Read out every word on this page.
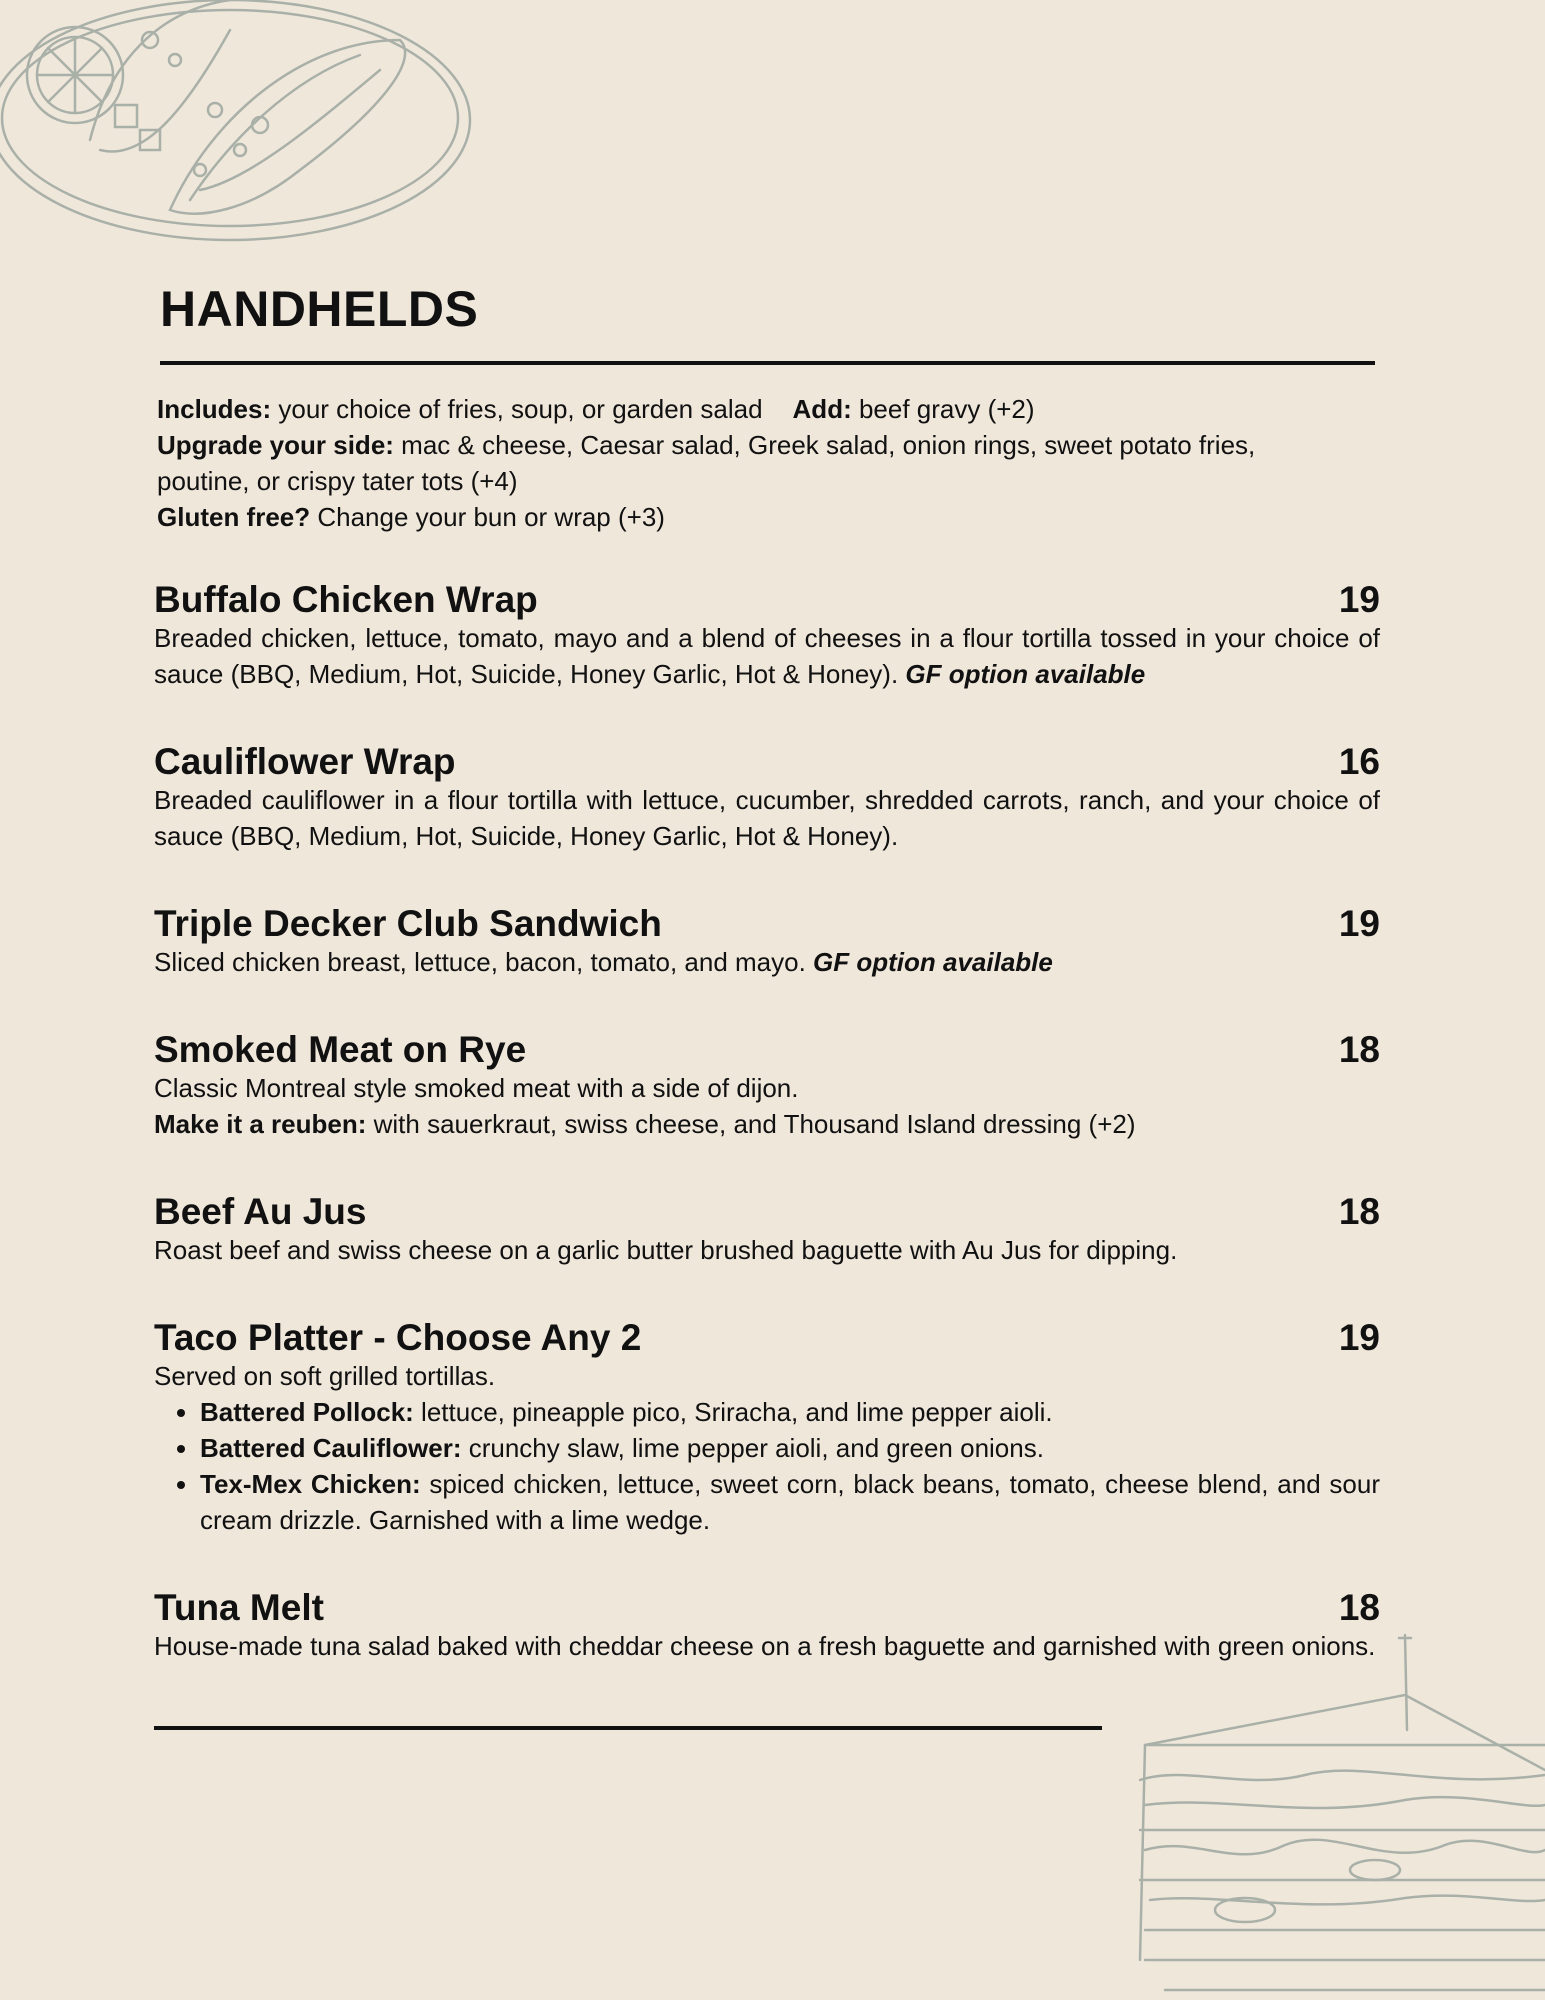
HANDHELDS
Includes: your choice of fries, soup, or garden salad Add: beef gravy (+2)
Upgrade your side: mac & cheese, Caesar salad, Greek salad, onion rings, sweet potato fries,
poutine, or crispy tater tots (+4)
Gluten free? Change your bun or wrap (+3)
Buffalo Chicken Wrap	19
Breaded chicken, lettuce, tomato, mayo and a blend of cheeses in a flour tortilla tossed in your choice of sauce (BBQ, Medium, Hot, Suicide, Honey Garlic, Hot & Honey). GF option available
Cauliflower Wrap	16
Breaded cauliflower in a flour tortilla with lettuce, cucumber, shredded carrots, ranch, and your choice of sauce (BBQ, Medium, Hot, Suicide, Honey Garlic, Hot & Honey).
Triple Decker Club Sandwich	19
Sliced chicken breast, lettuce, bacon, tomato, and mayo. GF option available
Smoked Meat on Rye	18
Classic Montreal style smoked meat with a side of dijon.
Make it a reuben: with sauerkraut, swiss cheese, and Thousand Island dressing (+2)
Beef Au Jus	18
Roast beef and swiss cheese on a garlic butter brushed baguette with Au Jus for dipping.
Taco Platter - Choose Any 2	19
Served on soft grilled tortillas.
• Battered Pollock: lettuce, pineapple pico, Sriracha, and lime pepper aioli.
• Battered Cauliflower: crunchy slaw, lime pepper aioli, and green onions.
• Tex-Mex Chicken: spiced chicken, lettuce, sweet corn, black beans, tomato, cheese blend, and sour cream drizzle. Garnished with a lime wedge.
Tuna Melt	18
House-made tuna salad baked with cheddar cheese on a fresh baguette and garnished with green onions.
